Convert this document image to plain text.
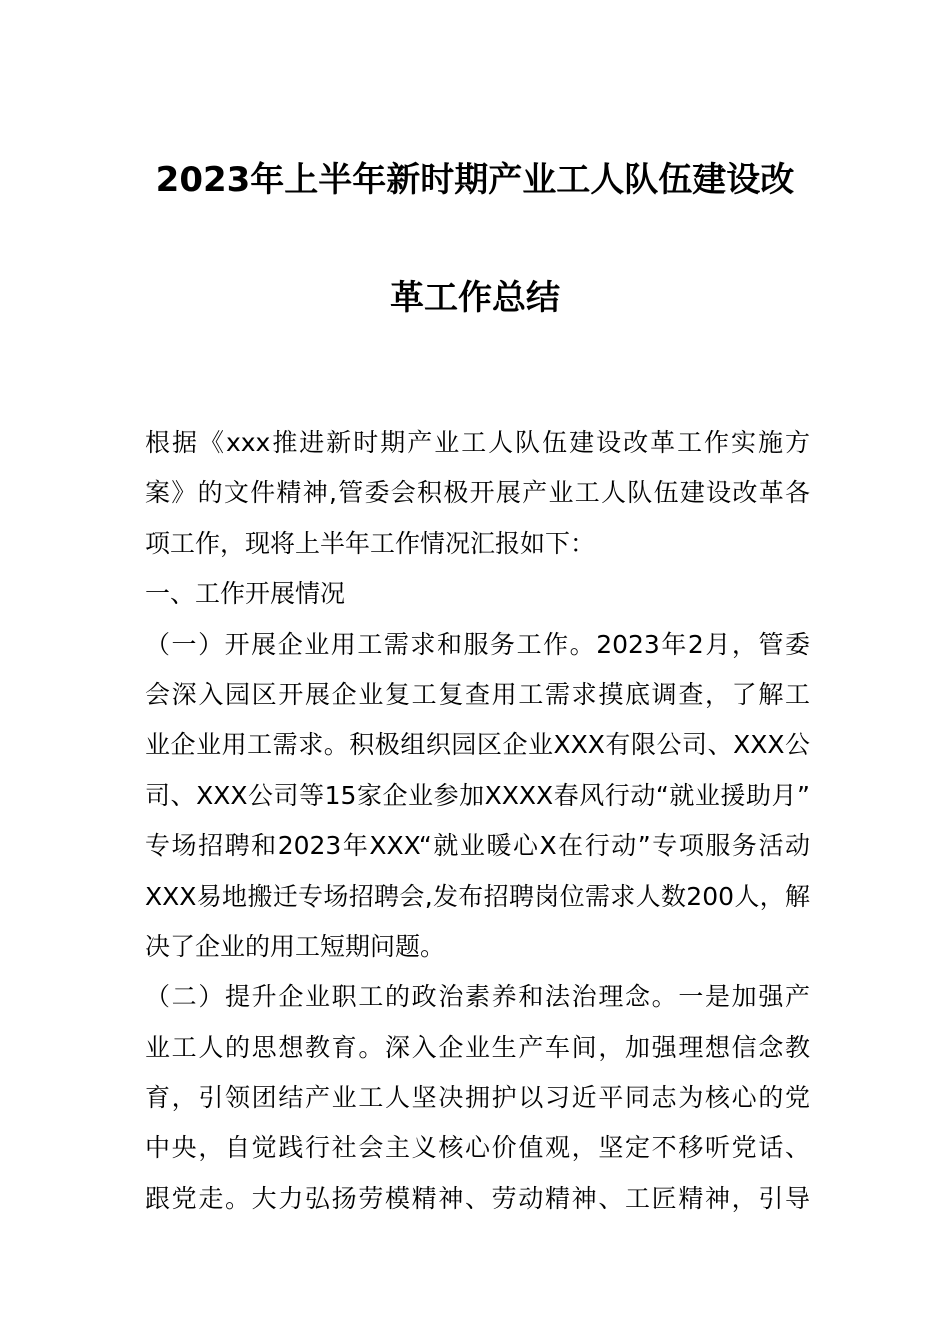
2023年上半年新时期产业工人队伍建设改
革工作总结
根据《xxx推进新时期产业工人队伍建设改革工作实施方
案》的文件精神,管委会积极开展产业工人队伍建设改革各
项工作，现将上半年工作情况汇报如下：
一、工作开展情况
（一）开展企业用工需求和服务工作。2023年2月，管委
会深入园区开展企业复工复查用工需求摸底调查，了解工
业企业用工需求。积极组织园区企业XXX有限公司、XXX公
司、XXX公司等15家企业参加XXXX春风行动“就业援助月”
专场招聘和2023年XXX“就业暖心X在行动”专项服务活动
XXX易地搬迁专场招聘会,发布招聘岗位需求人数200人，解
决了企业的用工短期问题。
（二）提升企业职工的政治素养和法治理念。一是加强产
业工人的思想教育。深入企业生产车间，加强理想信念教
育，引领团结产业工人坚决拥护以习近平同志为核心的党
中央，自觉践行社会主义核心价值观，坚定不移听党话、
跟党走。大力弘扬劳模精神、劳动精神、工匠精神，引导
